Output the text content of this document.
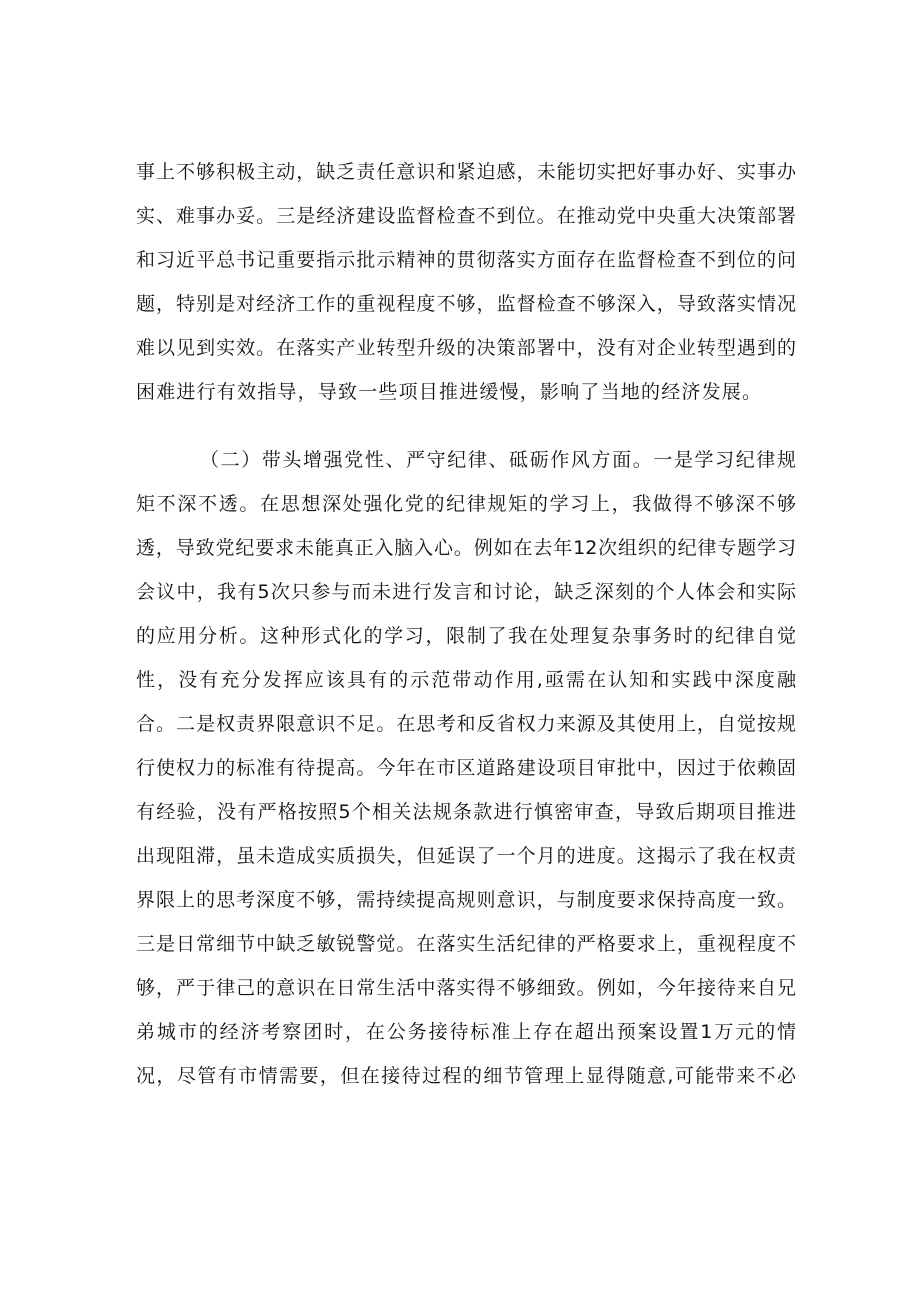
事上不够积极主动，缺乏责任意识和紧迫感，未能切实把好事办好、实事办
实、难事办妥。三是经济建设监督检查不到位。在推动党中央重大决策部署
和习近平总书记重要指示批示精神的贯彻落实方面存在监督检查不到位的问
题，特别是对经济工作的重视程度不够，监督检查不够深入，导致落实情况
难以见到实效。在落实产业转型升级的决策部署中，没有对企业转型遇到的
困难进行有效指导，导致一些项目推进缓慢，影响了当地的经济发展。
（二）带头增强党性、严守纪律、砥砺作风方面。一是学习纪律规
矩不深不透。在思想深处强化党的纪律规矩的学习上，我做得不够深不够
透，导致党纪要求未能真正入脑入心。例如在去年12次组织的纪律专题学习
会议中，我有5次只参与而未进行发言和讨论，缺乏深刻的个人体会和实际
的应用分析。这种形式化的学习，限制了我在处理复杂事务时的纪律自觉
性，没有充分发挥应该具有的示范带动作用,亟需在认知和实践中深度融
合。二是权责界限意识不足。在思考和反省权力来源及其使用上，自觉按规
行使权力的标准有待提高。今年在市区道路建设项目审批中，因过于依赖固
有经验，没有严格按照5个相关法规条款进行慎密审查，导致后期项目推进
出现阻滞，虽未造成实质损失，但延误了一个月的进度。这揭示了我在权责
界限上的思考深度不够，需持续提高规则意识，与制度要求保持高度一致。
三是日常细节中缺乏敏锐警觉。在落实生活纪律的严格要求上，重视程度不
够，严于律己的意识在日常生活中落实得不够细致。例如，今年接待来自兄
弟城市的经济考察团时，在公务接待标准上存在超出预案设置1万元的情
况，尽管有市情需要，但在接待过程的细节管理上显得随意,可能带来不必
